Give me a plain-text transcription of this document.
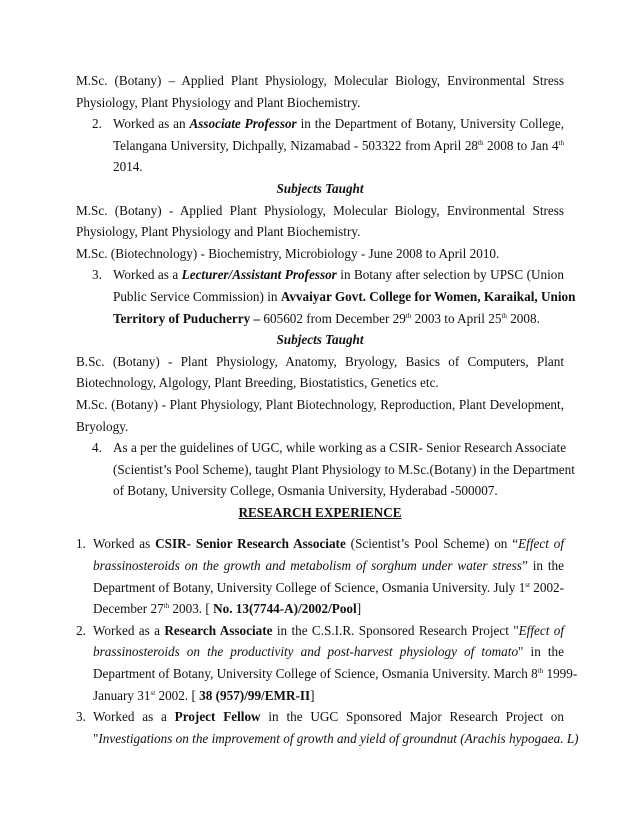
M.Sc. (Botany) – Applied Plant Physiology, Molecular Biology, Environmental Stress
Physiology, Plant Physiology and Plant Biochemistry.
2. Worked as an Associate Professor in the Department of Botany, University College,
Telangana University, Dichpally, Nizamabad - 503322 from April 28th 2008 to Jan 4th
2014.
Subjects Taught
M.Sc. (Botany) - Applied Plant Physiology, Molecular Biology, Environmental Stress
Physiology, Plant Physiology and Plant Biochemistry.
M.Sc. (Biotechnology) - Biochemistry, Microbiology - June 2008 to April 2010.
3. Worked as a Lecturer/Assistant Professor in Botany after selection by UPSC (Union
Public Service Commission) in Avvaiyar Govt. College for Women, Karaikal, Union
Territory of Puducherry – 605602 from December 29th 2003 to April 25th 2008.
Subjects Taught
B.Sc. (Botany) - Plant Physiology, Anatomy, Bryology, Basics of Computers, Plant
Biotechnology, Algology, Plant Breeding, Biostatistics, Genetics etc.
M.Sc. (Botany) - Plant Physiology, Plant Biotechnology, Reproduction, Plant Development,
Bryology.
4. As a per the guidelines of UGC, while working as a CSIR- Senior Research Associate
(Scientist’s Pool Scheme), taught Plant Physiology to M.Sc.(Botany) in the Department
of Botany, University College, Osmania University, Hyderabad -500007.
RESEARCH EXPERIENCE
1. Worked as CSIR- Senior Research Associate (Scientist’s Pool Scheme) on “Effect of
brassinosteroids on the growth and metabolism of sorghum under water stress” in the
Department of Botany, University College of Science, Osmania University. July 1st 2002-
December 27th 2003. [ No. 13(7744-A)/2002/Pool]
2. Worked as a Research Associate in the C.S.I.R. Sponsored Research Project "Effect of
brassinosteroids on the productivity and post-harvest physiology of tomato" in the
Department of Botany, University College of Science, Osmania University. March 8th 1999-
January 31st 2002. [ 38 (957)/99/EMR-II]
3. Worked as a Project Fellow in the UGC Sponsored Major Research Project on
"Investigations on the improvement of growth and yield of groundnut (Arachis hypogaea. L)
